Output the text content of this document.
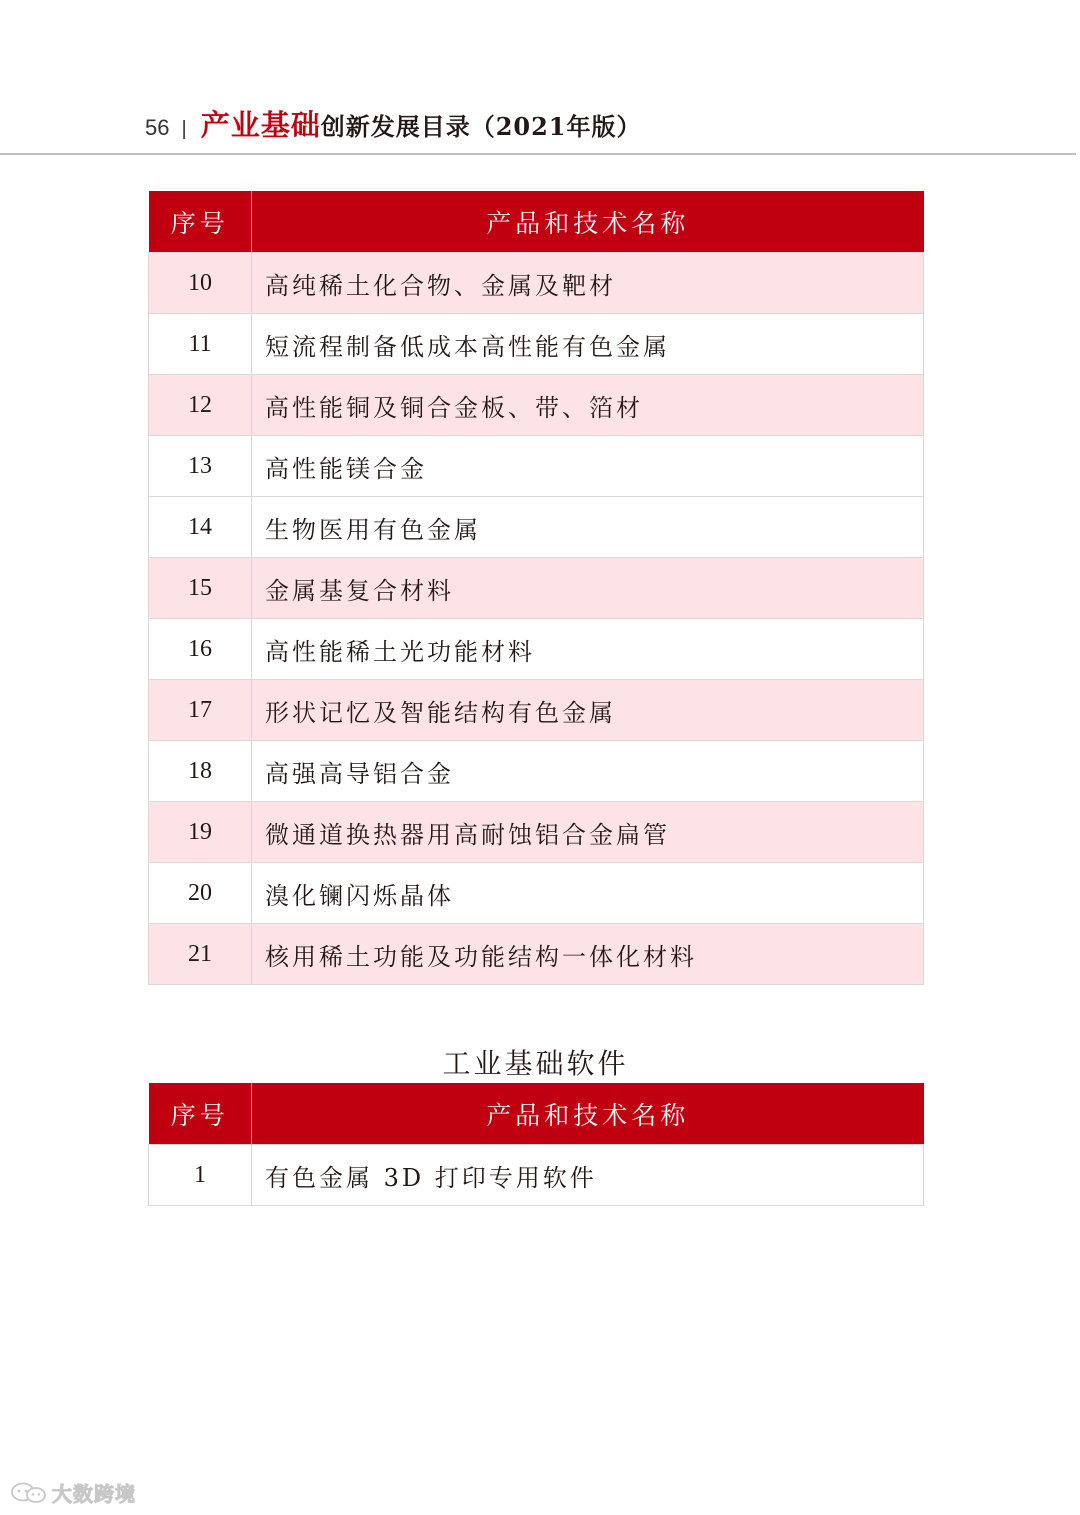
56 | 产业基础 创新发展目录（2021年版）
序号	产品和技术名称
10	高纯稀土化合物、金属及靶材
11	短流程制备低成本高性能有色金属
12	高性能铜及铜合金板、带、箔材
13	高性能镁合金
14	生物医用有色金属
15	金属基复合材料
16	高性能稀土光功能材料
17	形状记忆及智能结构有色金属
18	高强高导铝合金
19	微通道换热器用高耐蚀铝合金扁管
20	溴化镧闪烁晶体
21	核用稀土功能及功能结构一体化材料
工业基础软件
序号	产品和技术名称
1	有色金属 3D 打印专用软件
大数跨境
